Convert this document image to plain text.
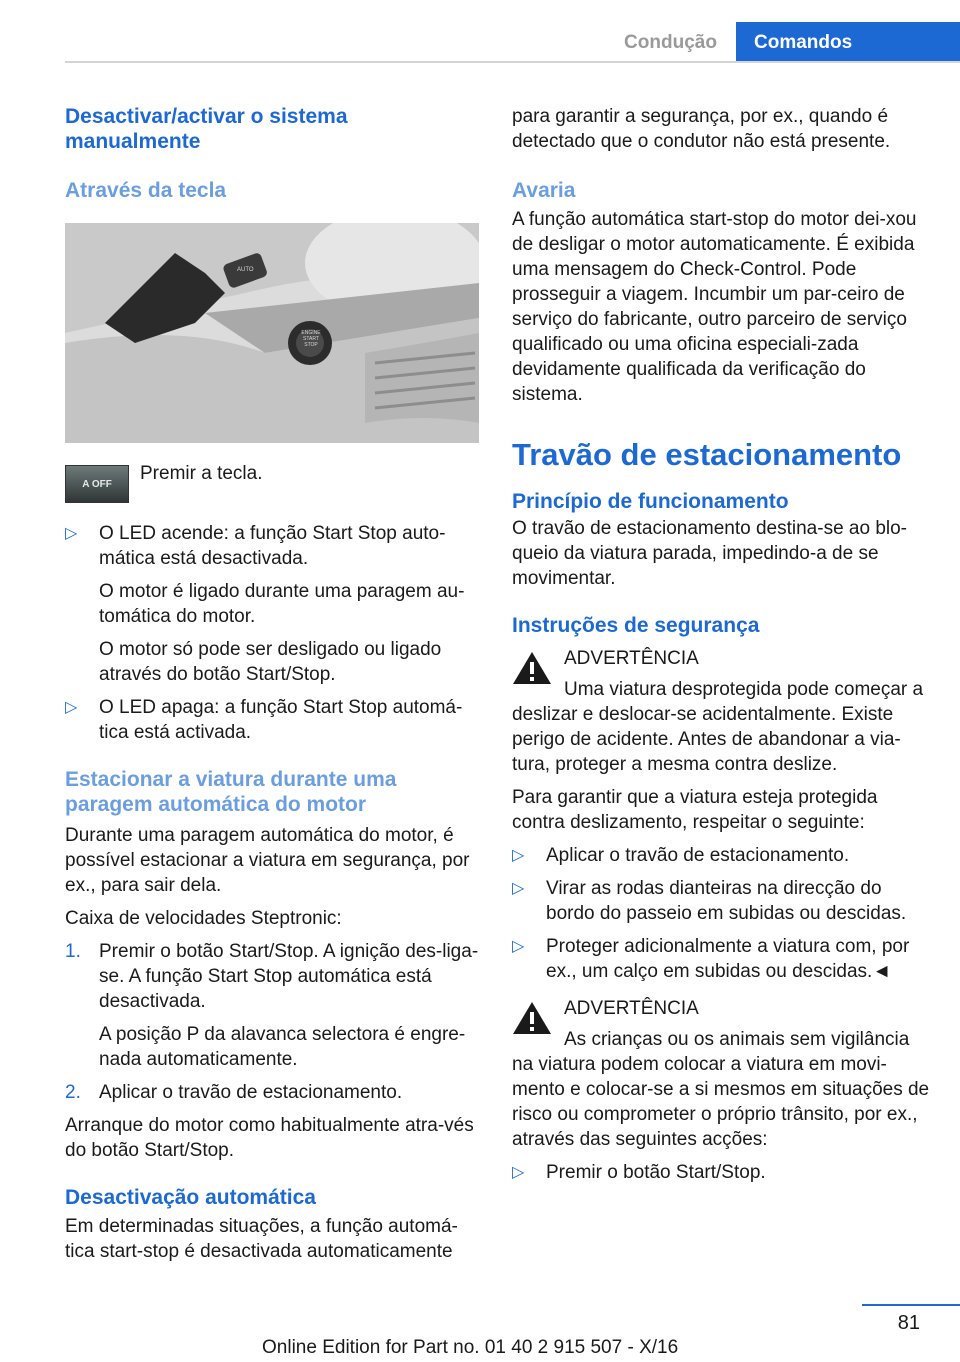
Condução	Comandos
Desactivar/activar o sistema manualmente
Através da tecla
AUTO
ENGINE START STOP
A OFF Premir a tecla.
▷ O LED acende: a função Start Stop auto‐mática está desactivada.
O motor é ligado durante uma paragem au‐tomática do motor.
O motor só pode ser desligado ou ligado através do botão Start/Stop.
▷ O LED apaga: a função Start Stop automá‐tica está activada.
Estacionar a viatura durante uma paragem automática do motor
Durante uma paragem automática do motor, é possível estacionar a viatura em segurança, por ex., para sair dela.
Caixa de velocidades Steptronic:
1. Premir o botão Start/Stop. A ignição des‐liga-se. A função Start Stop automática está desactivada.
A posição P da alavanca selectora é engre‐nada automaticamente.
2. Aplicar o travão de estacionamento.
Arranque do motor como habitualmente atra‐vés do botão Start/Stop.
Desactivação automática
Em determinadas situações, a função automá‐tica start-stop é desactivada automaticamente
para garantir a segurança, por ex., quando é detectado que o condutor não está presente.
Avaria
A função automática start-stop do motor dei‐xou de desligar o motor automaticamente. É exibida uma mensagem do Check-Control. Pode prosseguir a viagem. Incumbir um par‐ceiro de serviço do fabricante, outro parceiro de serviço qualificado ou uma oficina especiali‐zada devidamente qualificada da verificação do sistema.
Travão de estacionamento
Princípio de funcionamento
O travão de estacionamento destina-se ao blo‐queio da viatura parada, impedindo-a de se movimentar.
Instruções de segurança
ADVERTÊNCIA
Uma viatura desprotegida pode começar a deslizar e deslocar-se acidentalmente. Existe perigo de acidente. Antes de abandonar a via‐tura, proteger a mesma contra deslize.
Para garantir que a viatura esteja protegida contra deslizamento, respeitar o seguinte:
▷ Aplicar o travão de estacionamento.
▷ Virar as rodas dianteiras na direcção do bordo do passeio em subidas ou descidas.
▷ Proteger adicionalmente a viatura com, por ex., um calço em subidas ou descidas.◄
ADVERTÊNCIA
As crianças ou os animais sem vigilância na viatura podem colocar a viatura em movi‐mento e colocar-se a si mesmos em situações de risco ou comprometer o próprio trânsito, por ex., através das seguintes acções:
▷ Premir o botão Start/Stop.
81
Online Edition for Part no. 01 40 2 915 507 - X/16
